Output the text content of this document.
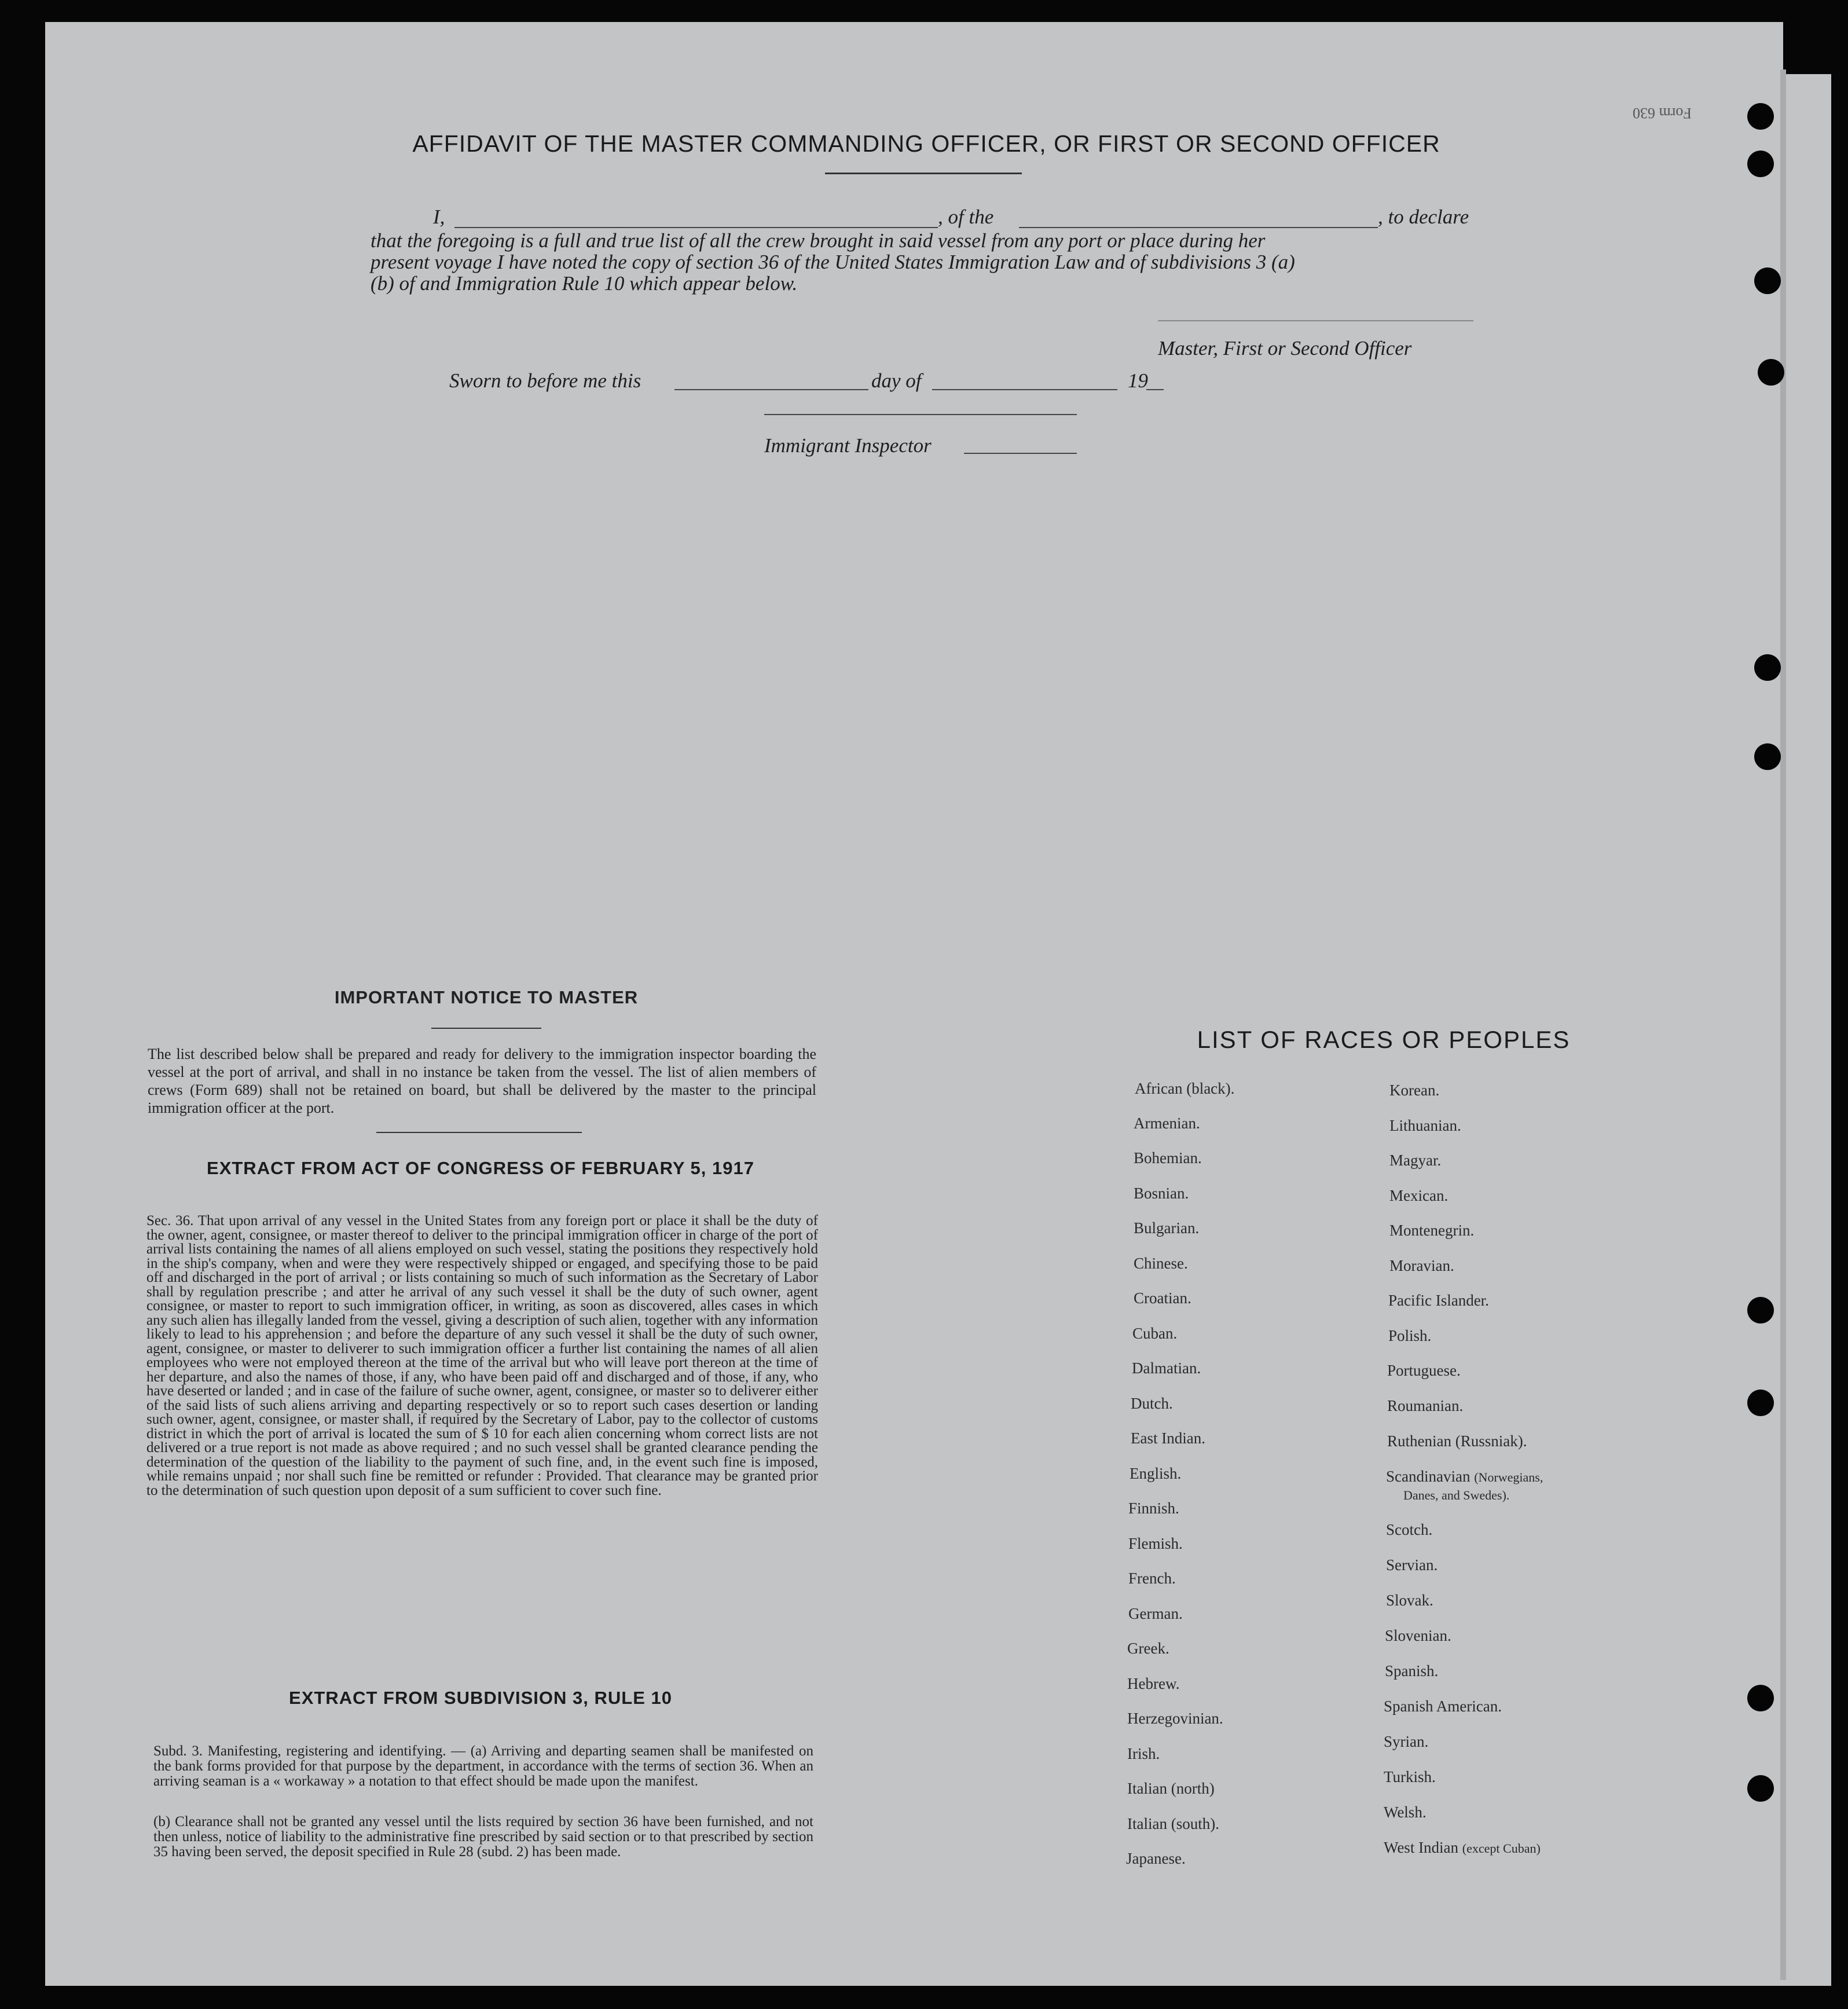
Form 630
AFFIDAVIT OF THE MASTER COMMANDING OFFICER, OR FIRST OR SECOND OFFICER
I,	, of the	, to declare
that the foregoing is a full and true list of all the crew brought in said vessel from any port or place during her
present voyage I have noted the copy of section 36 of the United States Immigration Law and of subdivisions 3 (a)
(b) of and Immigration Rule 10 which appear below.
Master, First or Second Officer
Sworn to before me this	day of	19
Immigrant Inspector
IMPORTANT NOTICE TO MASTER
The list described below shall be prepared and ready for delivery to the immigration inspector boarding the vessel at the port of arrival, and shall in no instance be taken from the vessel. The list of alien members of crews (Form 689) shall not be retained on board, but shall be delivered by the master to the principal immigration officer at the port.
EXTRACT FROM ACT OF CONGRESS OF FEBRUARY 5, 1917
Sec. 36. That upon arrival of any vessel in the United States from any foreign port or place it shall be the duty of the owner, agent, consignee, or master thereof to deliver to the principal immigration officer in charge of the port of arrival lists containing the names of all aliens employed on such vessel, stating the positions they respectively hold in the ship's company, when and were they were respectively shipped or engaged, and specifying those to be paid off and discharged in the port of arrival ; or lists containing so much of such information as the Secretary of Labor shall by regulation prescribe ; and atter he arrival of any such vessel it shall be the duty of such owner, agent consignee, or master to report to such immigration officer, in writing, as soon as discovered, alles cases in which any such alien has illegally landed from the vessel, giving a description of such alien, together with any information likely to lead to his apprehension ; and before the departure of any such vessel it shall be the duty of such owner, agent, consignee, or master to deliverer to such immigration officer a further list containing the names of all alien employees who were not employed thereon at the time of the arrival but who will leave port thereon at the time of her departure, and also the names of those, if any, who have been paid off and discharged and of those, if any, who have deserted or landed ; and in case of the failure of suche owner, agent, consignee, or master so to deliverer either of the said lists of such aliens arriving and departing respectively or so to report such cases desertion or landing such owner, agent, consignee, or master shall, if required by the Secretary of Labor, pay to the collector of customs district in which the port of arrival is located the sum of $ 10 for each alien concerning whom correct lists are not delivered or a true report is not made as above required ; and no such vessel shall be granted clearance pending the determination of the question of the liability to the payment of such fine, and, in the event such fine is imposed, while remains unpaid ; nor shall such fine be remitted or refunder : Provided. That clearance may be granted prior to the determination of such question upon deposit of a sum sufficient to cover such fine.
EXTRACT FROM SUBDIVISION 3, RULE 10
Subd. 3. Manifesting, registering and identifying. — (a) Arriving and departing seamen shall be manifested on the bank forms provided for that purpose by the department, in accordance with the terms of section 36. When an arriving seaman is a « workaway » a notation to that effect should be made upon the manifest.
(b) Clearance shall not be granted any vessel until the lists required by section 36 have been furnished, and not then unless, notice of liability to the administrative fine prescribed by said section or to that prescribed by section 35 having been served, the deposit specified in Rule 28 (subd. 2) has been made.
LIST OF RACES OR PEOPLES
African (black).
Armenian.
Bohemian.
Bosnian.
Bulgarian.
Chinese.
Croatian.
Cuban.
Dalmatian.
Dutch.
East Indian.
English.
Finnish.
Flemish.
French.
German.
Greek.
Hebrew.
Herzegovinian.
Irish.
Italian (north)
Italian (south).
Japanese.
Korean.
Lithuanian.
Magyar.
Mexican.
Montenegrin.
Moravian.
Pacific Islander.
Polish.
Portuguese.
Roumanian.
Ruthenian (Russniak).
Scandinavian (Norwegians,
Danes, and Swedes).
Scotch.
Servian.
Slovak.
Slovenian.
Spanish.
Spanish American.
Syrian.
Turkish.
Welsh.
West Indian (except Cuban)
